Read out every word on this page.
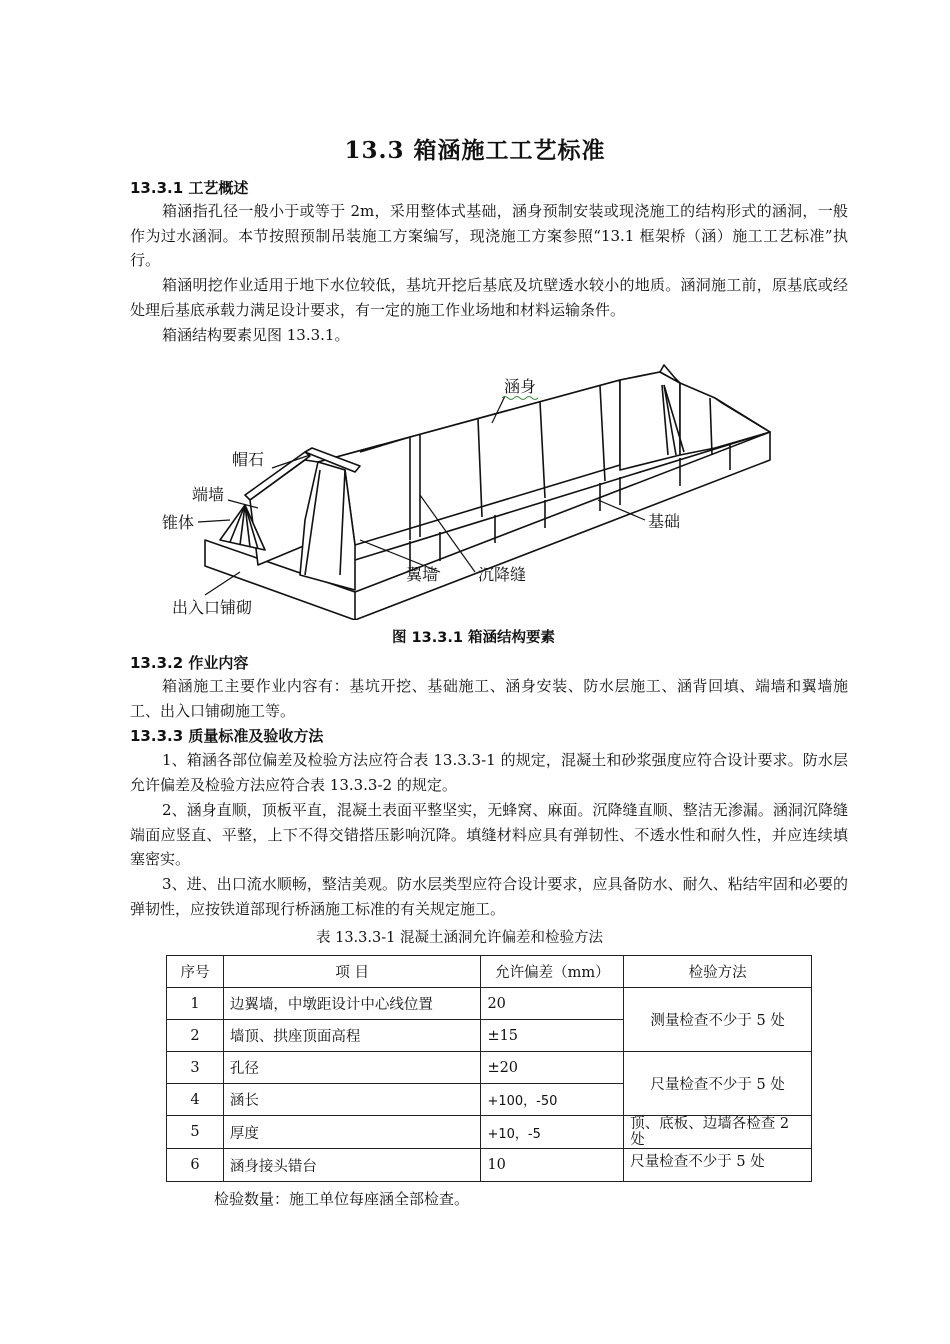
13.3 箱涵施工工艺标准
13.3.1 工艺概述
箱涵指孔径一般小于或等于 2m，采用整体式基础，涵身预制安装或现浇施工的结构形式的涵洞，一般作为过水涵洞。本节按照预制吊装施工方案编写，现浇施工方案参照“13.1 框架桥（涵）施工工艺标准”执行。
箱涵明挖作业适用于地下水位较低，基坑开挖后基底及坑壁透水较小的地质。涵洞施工前，原基底或经处理后基底承载力满足设计要求，有一定的施工作业场地和材料运输条件。
箱涵结构要素见图 13.3.1。
涵身
帽石
端墙
锥体	基础
翼墙 沉降缝
出入口铺砌
图 13.3.1 箱涵结构要素
13.3.2 作业内容
箱涵施工主要作业内容有：基坑开挖、基础施工、涵身安装、防水层施工、涵背回填、端墙和翼墙施工、出入口铺砌施工等。
13.3.3 质量标准及验收方法
1、箱涵各部位偏差及检验方法应符合表 13.3.3-1 的规定，混凝土和砂浆强度应符合设计要求。防水层允许偏差及检验方法应符合表 13.3.3-2 的规定。
2、涵身直顺，顶板平直，混凝土表面平整坚实，无蜂窝、麻面。沉降缝直顺、整洁无渗漏。涵洞沉降缝端面应竖直、平整，上下不得交错搭压影响沉降。填缝材料应具有弹韧性、不透水性和耐久性，并应连续填塞密实。
3、进、出口流水顺畅，整洁美观。防水层类型应符合设计要求，应具备防水、耐久、粘结牢固和必要的弹韧性，应按铁道部现行桥涵施工标准的有关规定施工。
表 13.3.3-1 混凝土涵洞允许偏差和检验方法
序号	项 目	允许偏差（mm）	检验方法
1	边翼墙，中墩距设计中心线位置	20	测量检查不少于 5 处
2	墙顶、拱座顶面高程	±15	
3	孔径	±20	尺量检查不少于 5 处
4	涵长	+100，-50	
5	厚度	+10，-5	顶、底板、边墙各检查 2 处
6	涵身接头错台	10	尺量检查不少于 5 处
检验数量：施工单位每座涵全部检查。
